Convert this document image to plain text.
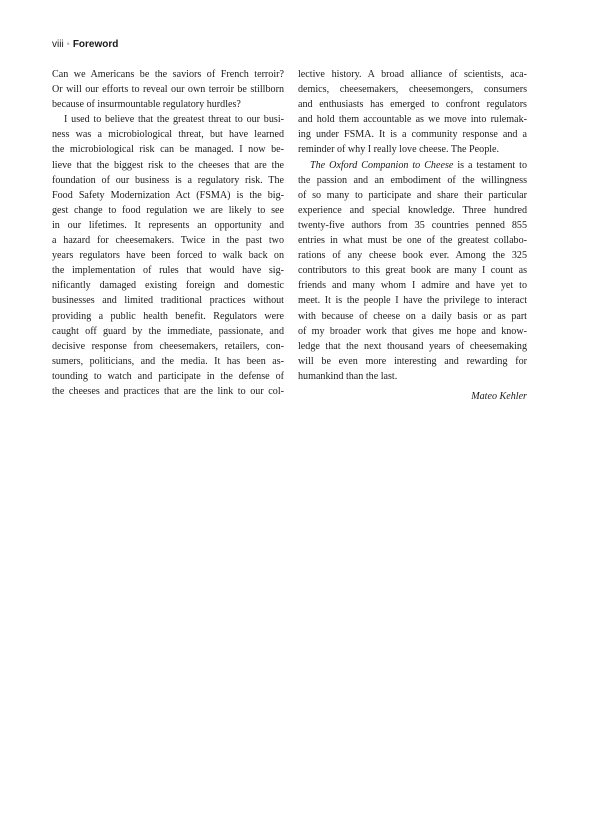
viii • Foreword
Can we Americans be the saviors of French terroir?
Or will our efforts to reveal our own terroir be stillborn
because of insurmountable regulatory hurdles?
I used to believe that the greatest threat to our busi-
ness was a microbiological threat, but have learned
the microbiological risk can be managed. I now be-
lieve that the biggest risk to the cheeses that are the
foundation of our business is a regulatory risk. The
Food Safety Modernization Act (FSMA) is the big-
gest change to food regulation we are likely to see
in our lifetimes. It represents an opportunity and
a hazard for cheesemakers. Twice in the past two
years regulators have been forced to walk back on
the implementation of rules that would have sig-
nificantly damaged existing foreign and domestic
businesses and limited traditional practices without
providing a public health benefit. Regulators were
caught off guard by the immediate, passionate, and
decisive response from cheesemakers, retailers, con-
sumers, politicians, and the media. It has been as-
tounding to watch and participate in the defense of
the cheeses and practices that are the link to our col-
lective history. A broad alliance of scientists, aca-
demics, cheesemakers, cheesemongers, consumers
and enthusiasts has emerged to confront regulators
and hold them accountable as we move into rulemak-
ing under FSMA. It is a community response and a
reminder of why I really love cheese. The People.
The Oxford Companion to Cheese is a testament to
the passion and an embodiment of the willingness
of so many to participate and share their particular
experience and special knowledge. Three hundred
twenty-five authors from 35 countries penned 855
entries in what must be one of the greatest collabo-
rations of any cheese book ever. Among the 325
contributors to this great book are many I count as
friends and many whom I admire and have yet to
meet. It is the people I have the privilege to interact
with because of cheese on a daily basis or as part
of my broader work that gives me hope and know-
ledge that the next thousand years of cheesemaking
will be even more interesting and rewarding for
humankind than the last.
Mateo Kehler
